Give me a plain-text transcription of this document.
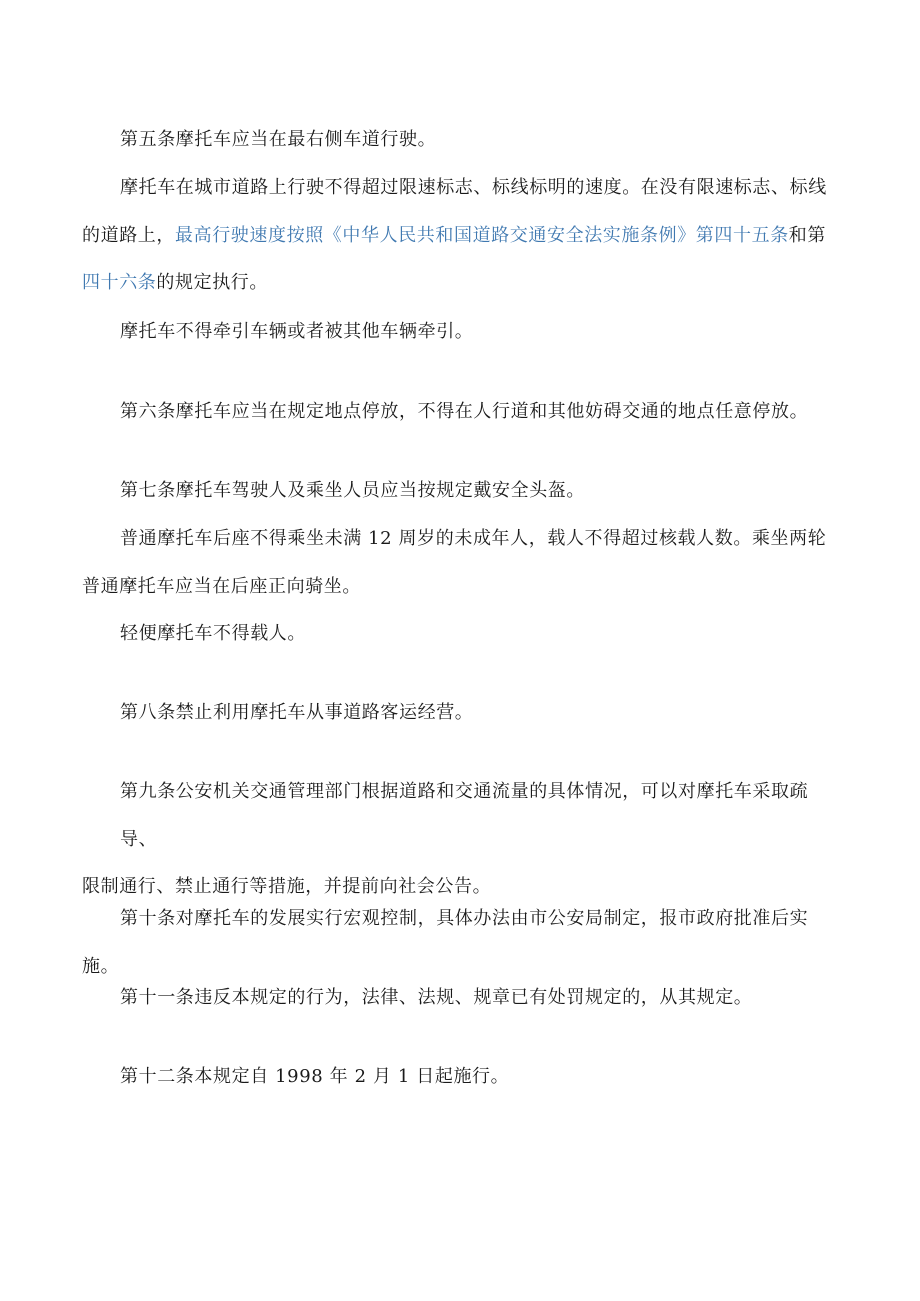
第五条摩托车应当在最右侧车道行驶。

摩托车在城市道路上行驶不得超过限速标志、标线标明的速度。在没有限速标志、标线
的道路上，最高行驶速度按照《中华人民共和国道路交通安全法实施条例》第四十五条和第
四十六条的规定执行。

摩托车不得牵引车辆或者被其他车辆牵引。

第六条摩托车应当在规定地点停放，不得在人行道和其他妨碍交通的地点任意停放。

第七条摩托车驾驶人及乘坐人员应当按规定戴安全头盔。

普通摩托车后座不得乘坐未满 12 周岁的未成年人，载人不得超过核载人数。乘坐两轮
普通摩托车应当在后座正向骑坐。

轻便摩托车不得载人。

第八条禁止利用摩托车从事道路客运经营。

第九条公安机关交通管理部门根据道路和交通流量的具体情况，可以对摩托车采取疏导、
限制通行、禁止通行等措施，并提前向社会公告。

第十条对摩托车的发展实行宏观控制，具体办法由市公安局制定，报市政府批准后实施。

第十一条违反本规定的行为，法律、法规、规章已有处罚规定的，从其规定。

第十二条本规定自 1998 年 2 月 1 日起施行。
